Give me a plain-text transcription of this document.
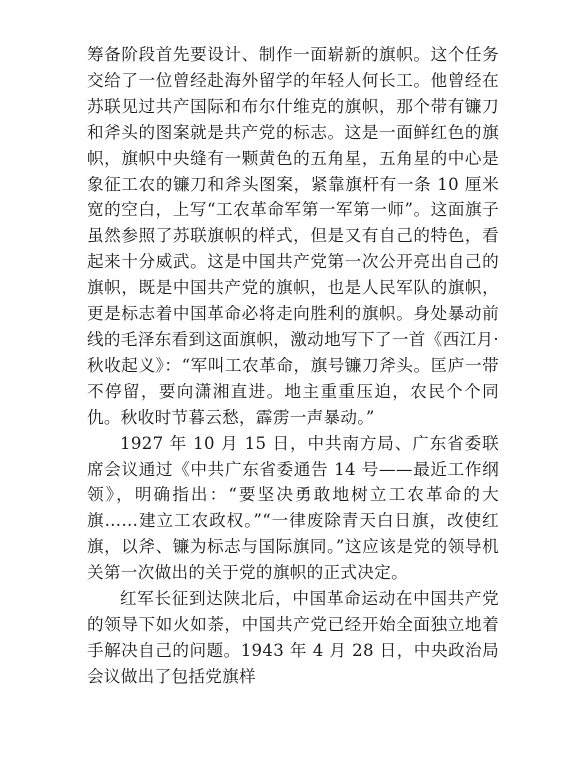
筹备阶段首先要设计、制作一面崭新的旗帜。这个任务交给了一位曾经赴海外留学的年轻人何长工。他曾经在苏联见过共产国际和布尔什维克的旗帜，那个带有镰刀和斧头的图案就是共产党的标志。这是一面鲜红色的旗帜，旗帜中央缝有一颗黄色的五角星，五角星的中心是象征工农的镰刀和斧头图案，紧靠旗杆有一条 10 厘米宽的空白，上写“工农革命军第一军第一师”。这面旗子虽然参照了苏联旗帜的样式，但是又有自己的特色，看起来十分威武。这是中国共产党第一次公开亮出自己的旗帜，既是中国共产党的旗帜，也是人民军队的旗帜，更是标志着中国革命必将走向胜利的旗帜。身处暴动前线的毛泽东看到这面旗帜，激动地写下了一首《西江月·秋收起义》：“军叫工农革命，旗号镰刀斧头。匡庐一带不停留，要向潇湘直进。地主重重压迫，农民个个同仇。秋收时节暮云愁，霹雳一声暴动。”

1927 年 10 月 15 日，中共南方局、广东省委联席会议通过《中共广东省委通告 14 号——最近工作纲领》，明确指出：“要坚决勇敢地树立工农革命的大旗……建立工农政权。”“一律废除青天白日旗，改使红旗，以斧、镰为标志与国际旗同。”这应该是党的领导机关第一次做出的关于党的旗帜的正式决定。

红军长征到达陕北后，中国革命运动在中国共产党的领导下如火如荼，中国共产党已经开始全面独立地着手解决自己的问题。1943 年 4 月 28 日，中央政治局会议做出了包括党旗样
